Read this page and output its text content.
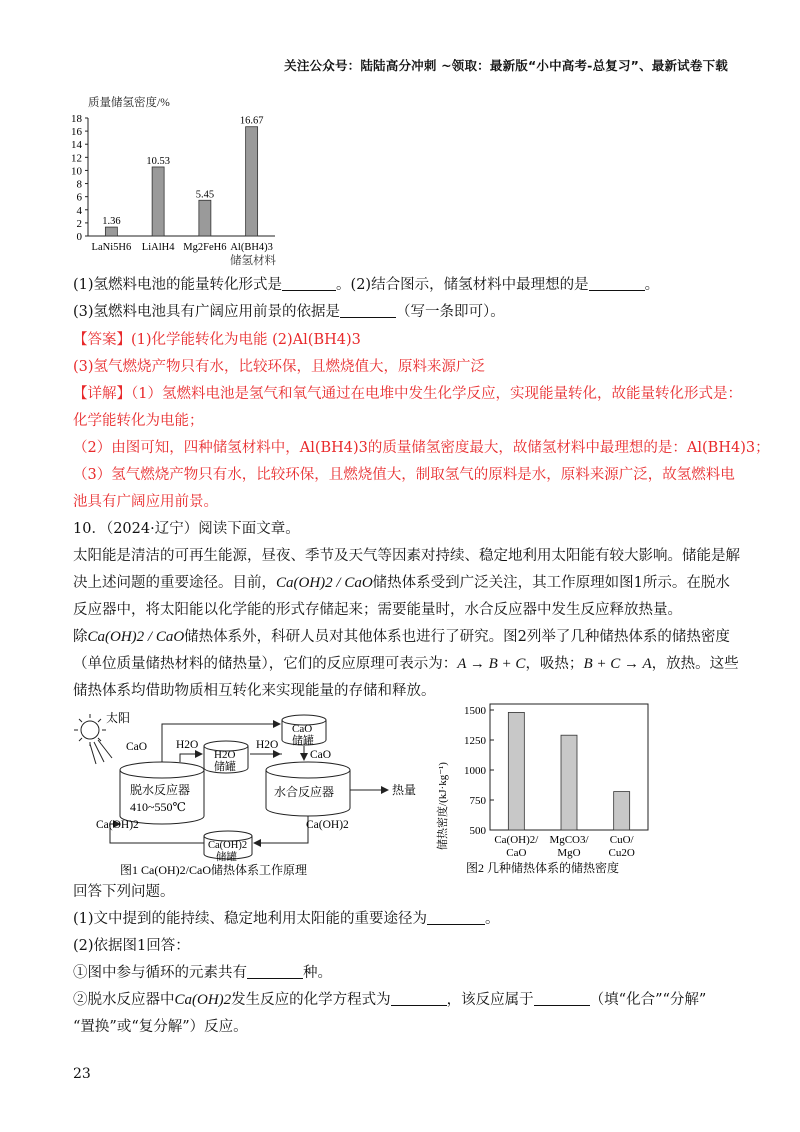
关注公众号：陆陆高分冲刺 ~领取：最新版“小中高考-总复习”、最新试卷下载
质量储氢密度/%
0
2
4
6
8
10
12
14
16
18
1.36
LaNi5H6
10.53
LiAlH4
5.45
Mg2FeH6
16.67
Al(BH4)3
储氢材料
(1)氢燃料电池的能量转化形式是	。(2)结合图示，储氢材料中最理想的是	。
(3)氢燃料电池具有广阔应用前景的依据是	（写一条即可）。
【答案】(1)化学能转化为电能 (2)Al(BH4)3
(3)氢气燃烧产物只有水，比较环保，且燃烧值大，原料来源广泛
【详解】（1）氢燃料电池是氢气和氧气通过在电堆中发生化学反应，实现能量转化，故能量转化形式是：
化学能转化为电能；
（2）由图可知，四种储氢材料中，Al(BH4)3的质量储氢密度最大，故储氢材料中最理想的是：Al(BH4)3；
（3）氢气燃烧产物只有水，比较环保，且燃烧值大，制取氢气的原料是水，原料来源广泛，故氢燃料电
池具有广阔应用前景。
10．（2024·辽宁）阅读下面文章。
太阳能是清洁的可再生能源，昼夜、季节及天气等因素对持续、稳定地利用太阳能有较大影响。储能是解
决上述问题的重要途径。目前，Ca(OH)2 / CaO储热体系受到广泛关注，其工作原理如图1所示。在脱水
反应器中，将太阳能以化学能的形式存储起来；需要能量时，水合反应器中发生反应释放热量。
除Ca(OH)2 / CaO储热体系外，科研人员对其他体系也进行了研究。图2列举了几种储热体系的储热密度
（单位质量储热材料的储热量），它们的反应原理可表示为：A → B + C，吸热；B + C → A，放热。这些
储热体系均借助物质相互转化来实现能量的存储和释放。
太阳
脱水反应器
410~550℃
H2O
储罐
CaO
储罐
水合反应器
Ca(OH)2
储罐
CaO	H2O	H2O
CaO
热量
Ca(OH)2	Ca(OH)2
图1 Ca(OH)2/CaO储热体系工作原理
储热密度/(kJ·kg⁻¹) 500
750
1000
1250
1500
Ca(OH)2/
CaO
MgCO3/
MgO
CuO/
Cu2O
图2 几种储热体系的储热密度
回答下列问题。
(1)文中提到的能持续、稳定地利用太阳能的重要途径为	。
(2)依据图1回答：
①图中参与循环的元素共有	种。
②脱水反应器中Ca(OH)2发生反应的化学方程式为	，该反应属于	（填“化合”“分解”
“置换”或“复分解”）反应。
23
